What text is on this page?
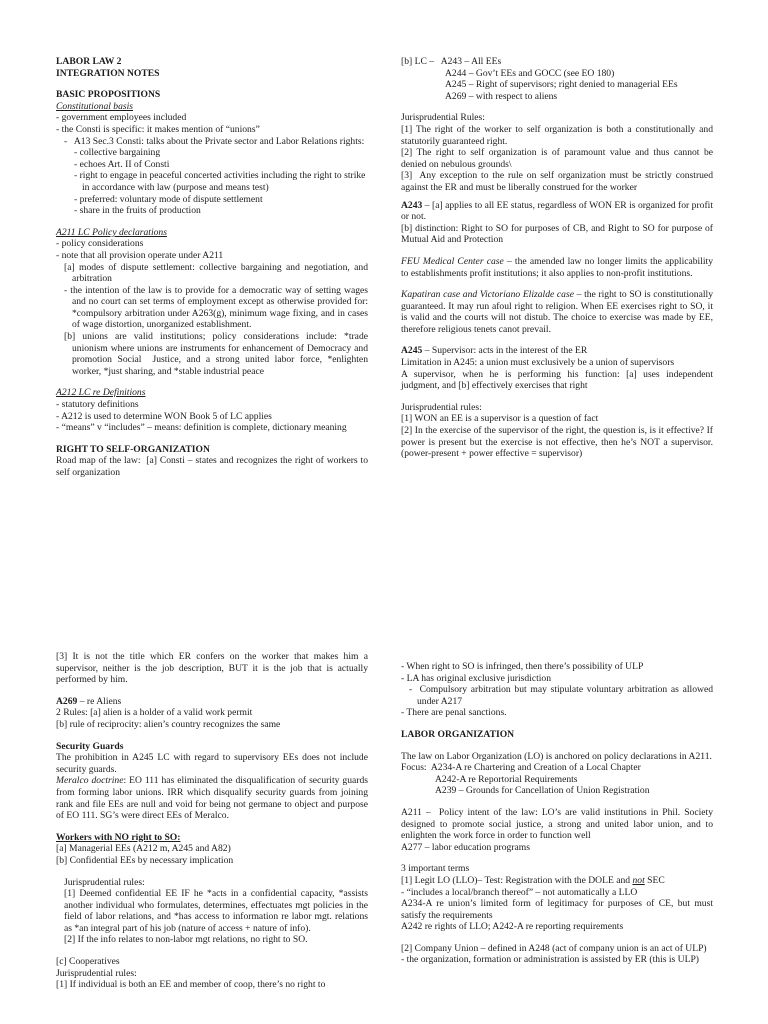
LABOR LAW 2
INTEGRATION NOTES
BASIC PROPOSITIONS
Constitutional basis
- government employees included
- the Consti is specific: it makes mention of “unions”
-   A13 Sec.3 Consti: talks about the Private sector and Labor Relations rights:
- collective bargaining
- echoes Art. II of Consti
- right to engage in peaceful concerted activities including the right to strike in accordance with law (purpose and means test)
- preferred: voluntary mode of dispute settlement
- share in the fruits of production
A211 LC Policy declarations
- policy considerations
- note that all provision operate under A211
[a] modes of dispute settlement: collective bargaining and negotiation, and arbitration
- the intention of the law is to provide for a democratic way of setting wages and no court can set terms of employment except as otherwise provided for: *compulsory arbitration under A263(g), minimum wage fixing, and in cases of wage distortion, unorganized establishment.
[b] unions are valid institutions; policy considerations include: *trade unionism where unions are instruments for enhancement of Democracy and promotion Social  Justice, and a strong united labor force, *enlighten worker, *just sharing, and *stable industrial peace
A212 LC re Definitions
- statutory definitions
- A212 is used to determine WON Book 5 of LC applies
- “means” v “includes” – means: definition is complete, dictionary meaning
RIGHT TO SELF-ORGANIZATION
Road map of the law:  [a] Consti – states and recognizes the right of workers to self organization
[b] LC –   A243 – All EEs
A244 – Gov’t EEs and GOCC (see EO 180)
A245 – Right of supervisors; right denied to managerial EEs
A269 – with respect to aliens
Jurisprudential Rules:
[1] The right of the worker to self organization is both a constitutionally and statutorily guaranteed right.
[2] The right to self organization is of paramount value and thus cannot be denied on nebulous grounds\
[3]  Any exception to the rule on self organization must be strictly construed against the ER and must be liberally construed for the worker
A243 – [a] applies to all EE status, regardless of WON ER is organized for profit or not.
[b] distinction: Right to SO for purposes of CB, and Right to SO for purpose of Mutual Aid and Protection
FEU Medical Center case – the amended law no longer limits the applicability to establishments profit institutions; it also applies to non-profit institutions.
Kapatiran case and Victoriano Elizalde case – the right to SO is constitutionally guaranteed. It may run afoul right to religion. When EE exercises right to SO, it is valid and the courts will not distub. The choice to exercise was made by EE, therefore religious tenets canot prevail.
A245 – Supervisor: acts in the interest of the ER
Limitation in A245: a union must exclusively be a union of supervisors
A supervisor, when he is performing his function: [a] uses independent judgment, and [b] effectively exercises that right
Jurisprudential rules:
[1] WON an EE is a supervisor is a question of fact
[2] In the exercise of the supervisor of the right, the question is, is it effective? If power is present but the exercise is not effective, then he’s NOT a supervisor. (power-present + power effective = supervisor)
[3] It is not the title which ER confers on the worker that makes him a supervisor, neither is the job description, BUT it is the job that is actually performed by him.
A269 – re Aliens
2 Rules: [a] alien is a holder of a valid work permit
[b] rule of reciprocity: alien’s country recognizes the same
Security Guards
The prohibition in A245 LC with regard to supervisory EEs does not include security guards.
Meralco doctrine: EO 111 has eliminated the disqualification of security guards from forming labor unions. IRR which disqualify security guards from joining rank and file EEs are null and void for being not germane to object and purpose of EO 111. SG’s were direct EEs of Meralco.
Workers with NO right to SO:
[a] Managerial EEs (A212 m, A245 and A82)
[b] Confidential EEs by necessary implication
Jurisprudential rules:
[1] Deemed confidential EE IF he *acts in a confidential capacity, *assists another individual who formulates, determines, effectuates mgt policies in the field of labor relations, and *has access to information re labor mgt. relations as *an integral part of his job (nature of access + nature of info).
[2] If the info relates to non-labor mgt relations, no right to SO.
[c] Cooperatives
Jurisprudential rules:
[1] If individual is both an EE and member of coop, there’s no right to
- When right to SO is infringed, then there’s possibility of ULP
- LA has original exclusive jurisdiction
-  Compulsory arbitration but may stipulate voluntary arbitration as allowed under A217
- There are penal sanctions.
LABOR ORGANIZATION
The law on Labor Organization (LO) is anchored on policy declarations in A211.
Focus:  A234-A re Chartering and Creation of a Local Chapter
A242-A re Reportorial Requirements
A239 – Grounds for Cancellation of Union Registration
A211 –  Policy intent of the law: LO’s are valid institutions in Phil. Society designed to promote social justice, a strong and united labor union, and to enlighten the work force in order to function well
A277 – labor education programs
3 important terms
[1] Legit LO (LLO)– Test: Registration with the DOLE and not SEC
- “includes a local/branch thereof” – not automatically a LLO
A234-A re union’s limited form of legitimacy for purposes of CE, but must satisfy the requirements
A242 re rights of LLO; A242-A re reporting requirements
[2] Company Union – defined in A248 (act of company union is an act of ULP)
- the organization, formation or administration is assisted by ER (this is ULP)
